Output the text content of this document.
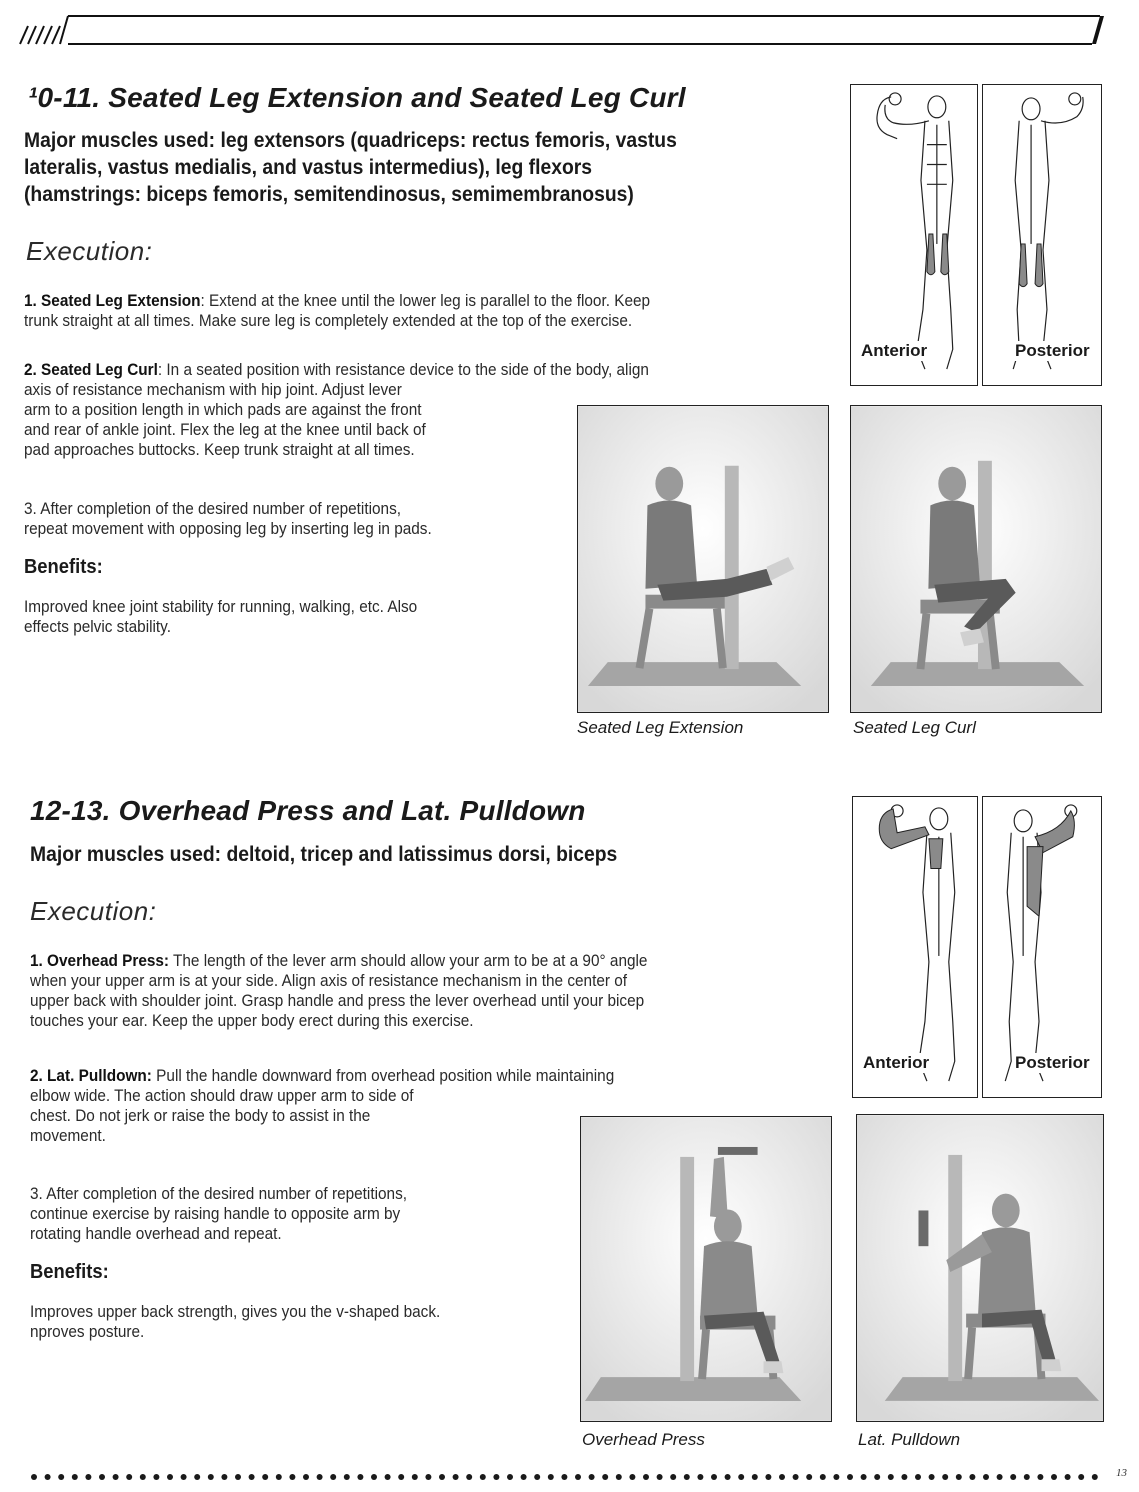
¹0-11. Seated Leg Extension and Seated Leg Curl
Major muscles used: leg extensors (quadriceps: rectus femoris, vastus
lateralis, vastus medialis, and vastus intermedius), leg flexors
(hamstrings: biceps femoris, semitendinosus, semimembranosus)
Execution:
1. Seated Leg Extension: Extend at the knee until the lower leg is parallel to the floor. Keep
trunk straight at all times. Make sure leg is completely extended at the top of the exercise.
2. Seated Leg Curl: In a seated position with resistance device to the side of the body, align
axis of resistance mechanism with hip joint. Adjust lever
arm to a position length in which pads are against the front
and rear of ankle joint. Flex the leg at the knee until back of
pad approaches buttocks. Keep trunk straight at all times.
3. After completion of the desired number of repetitions,
repeat movement with opposing leg by inserting leg in pads.
Benefits:
Improved knee joint stability for running, walking, etc. Also
effects pelvic stability.
Anterior	Posterior
Seated Leg Extension	Seated Leg Curl
12-13. Overhead Press and Lat. Pulldown
Major muscles used: deltoid, tricep and latissimus dorsi, biceps
Execution:
1. Overhead Press: The length of the lever arm should allow your arm to be at a 90° angle
when your upper arm is at your side. Align axis of resistance mechanism in the center of
upper back with shoulder joint. Grasp handle and press the lever overhead until your bicep
touches your ear. Keep the upper body erect during this exercise.
2. Lat. Pulldown: Pull the handle downward from overhead position while maintaining
elbow wide. The action should draw upper arm to side of
chest. Do not jerk or raise the body to assist in the
movement.
3. After completion of the desired number of repetitions,
continue exercise by raising handle to opposite arm by
rotating handle overhead and repeat.
Benefits:
Improves upper back strength, gives you the v-shaped back.
nproves posture.
Anterior	Posterior
Overhead Press	Lat. Pulldown
13
